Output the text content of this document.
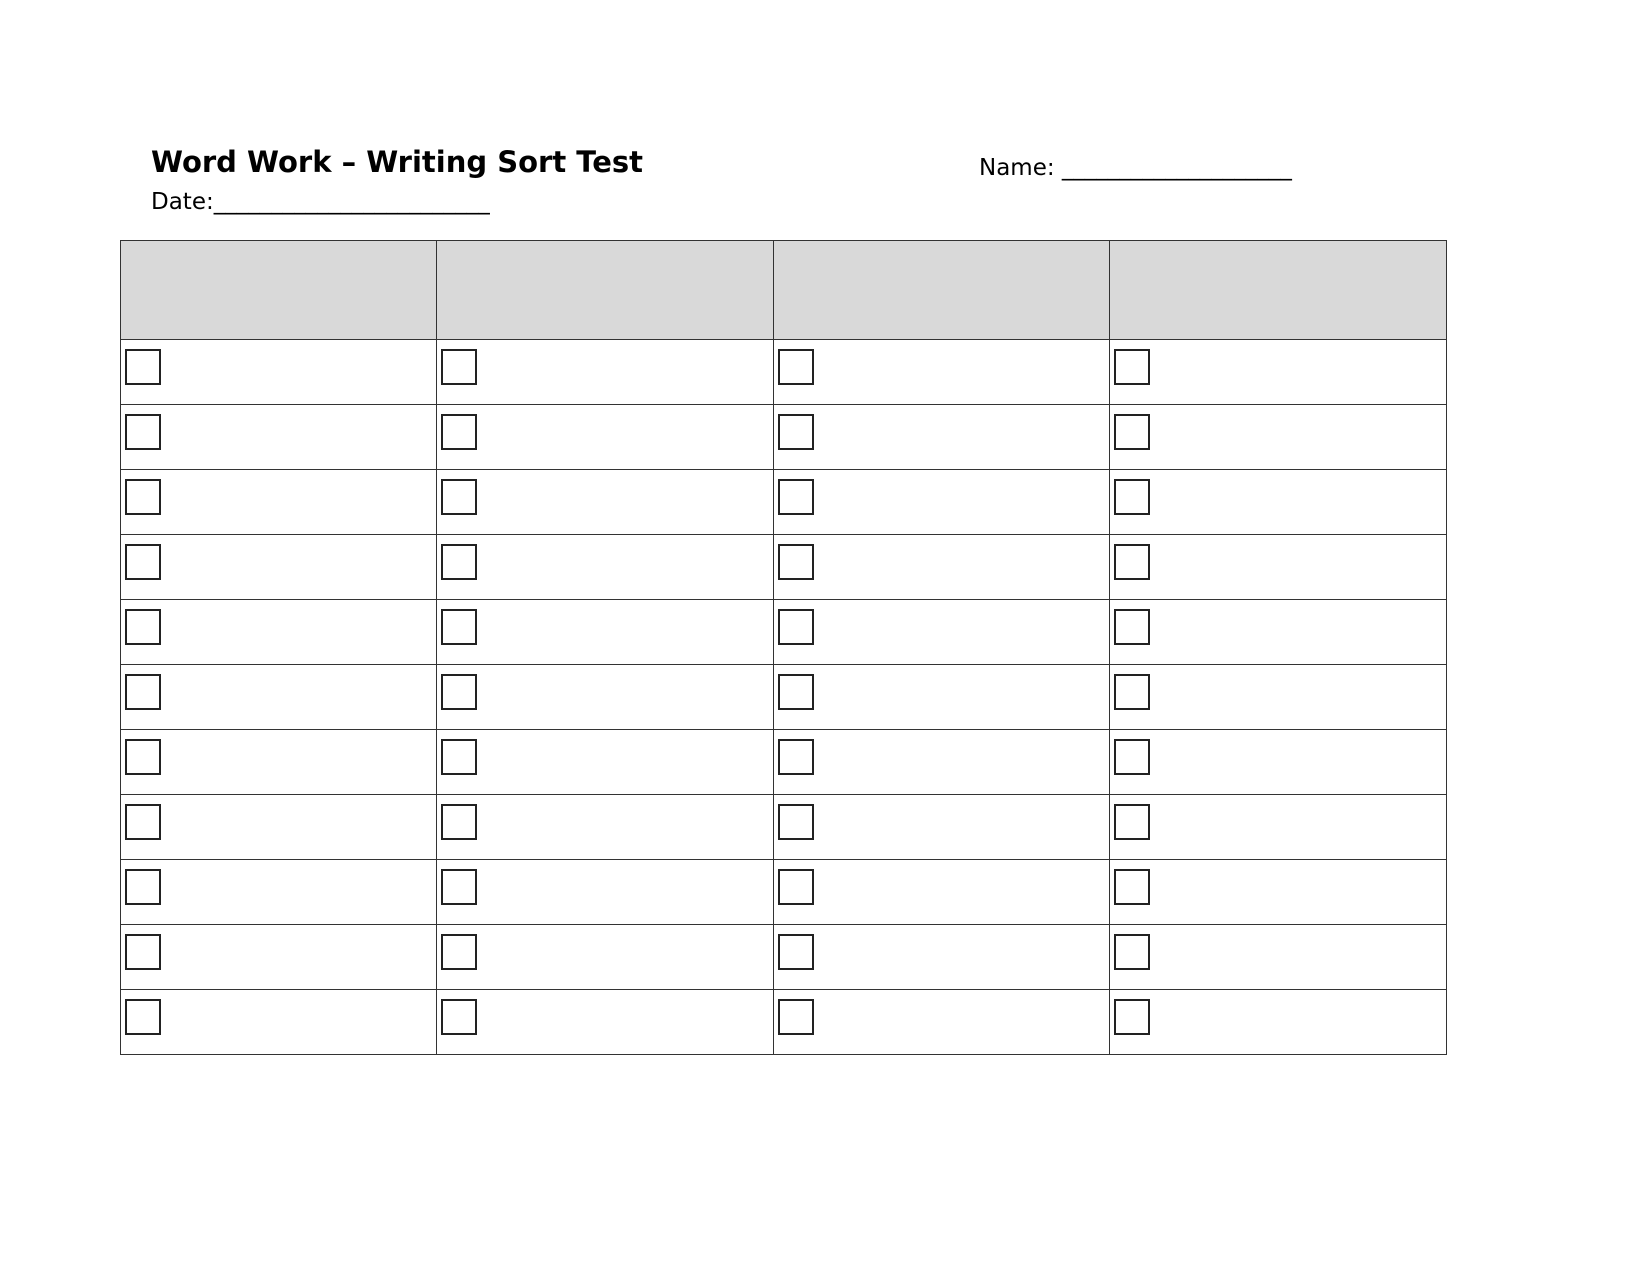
Word Work – Writing Sort Test	Name: ____________________
Date:________________________
